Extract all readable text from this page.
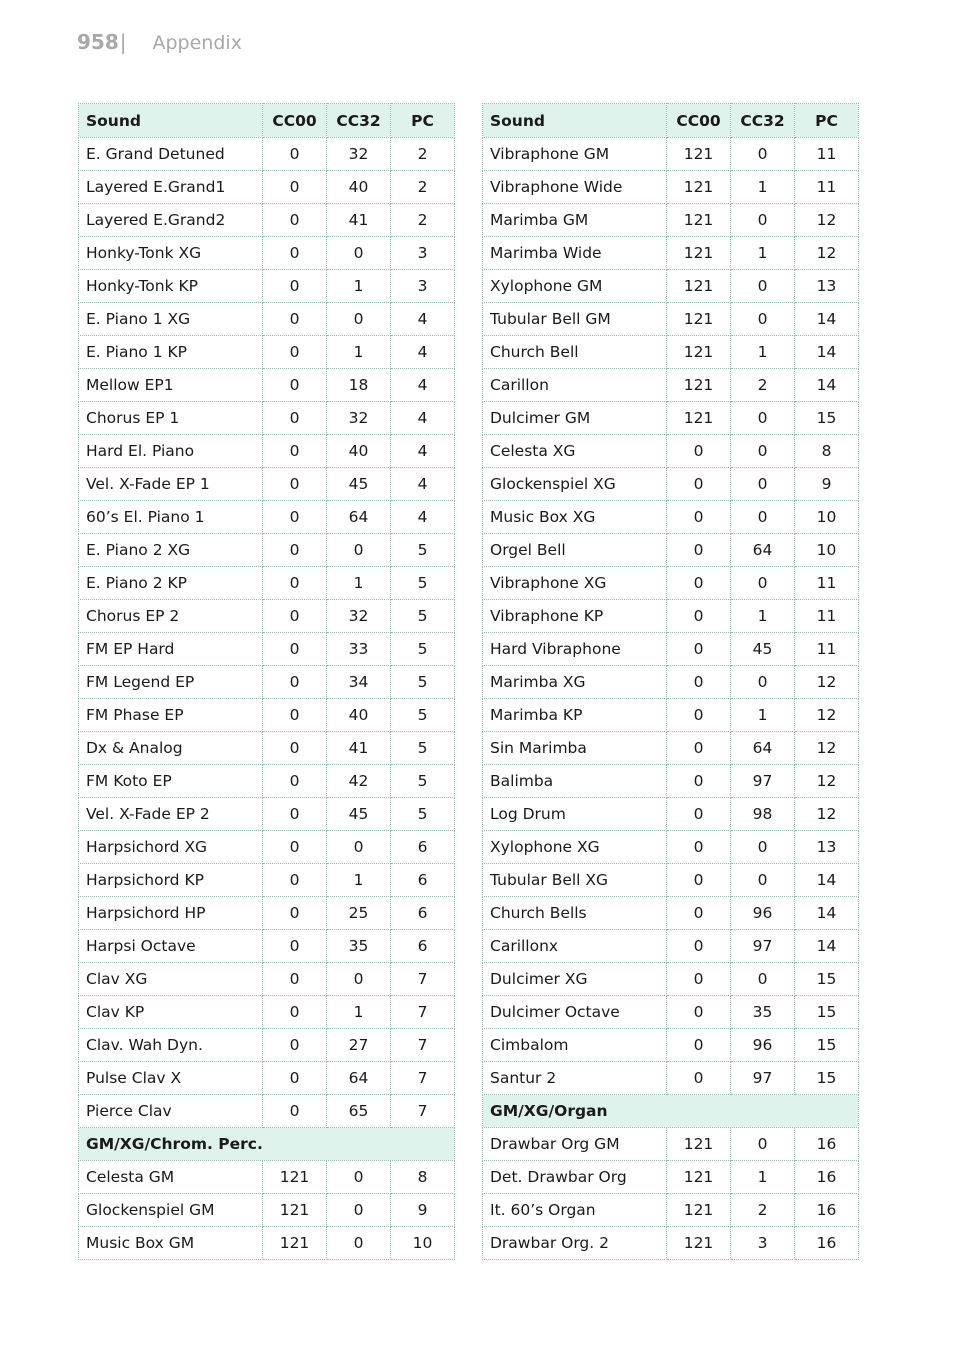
958 | Appendix
Sound	CC00	CC32	PC
E. Grand Detuned	0	32	2
Layered E.Grand1	0	40	2
Layered E.Grand2	0	41	2
Honky-Tonk XG	0	0	3
Honky-Tonk KP	0	1	3
E. Piano 1 XG	0	0	4
E. Piano 1 KP	0	1	4
Mellow EP1	0	18	4
Chorus EP 1	0	32	4
Hard El. Piano	0	40	4
Vel. X-Fade EP 1	0	45	4
60’s El. Piano 1	0	64	4
E. Piano 2 XG	0	0	5
E. Piano 2 KP	0	1	5
Chorus EP 2	0	32	5
FM EP Hard	0	33	5
FM Legend EP	0	34	5
FM Phase EP	0	40	5
Dx & Analog	0	41	5
FM Koto EP	0	42	5
Vel. X-Fade EP 2	0	45	5
Harpsichord XG	0	0	6
Harpsichord KP	0	1	6
Harpsichord HP	0	25	6
Harpsi Octave	0	35	6
Clav XG	0	0	7
Clav KP	0	1	7
Clav. Wah Dyn.	0	27	7
Pulse Clav X	0	64	7
Pierce Clav	0	65	7
GM/XG/Chrom. Perc.			
Celesta GM	121	0	8
Glockenspiel GM	121	0	9
Music Box GM	121	0	10
Sound	CC00	CC32	PC
Vibraphone GM	121	0	11
Vibraphone Wide	121	1	11
Marimba GM	121	0	12
Marimba Wide	121	1	12
Xylophone GM	121	0	13
Tubular Bell GM	121	0	14
Church Bell	121	1	14
Carillon	121	2	14
Dulcimer GM	121	0	15
Celesta XG	0	0	8
Glockenspiel XG	0	0	9
Music Box XG	0	0	10
Orgel Bell	0	64	10
Vibraphone XG	0	0	11
Vibraphone KP	0	1	11
Hard Vibraphone	0	45	11
Marimba XG	0	0	12
Marimba KP	0	1	12
Sin Marimba	0	64	12
Balimba	0	97	12
Log Drum	0	98	12
Xylophone XG	0	0	13
Tubular Bell XG	0	0	14
Church Bells	0	96	14
Carillonx	0	97	14
Dulcimer XG	0	0	15
Dulcimer Octave	0	35	15
Cimbalom	0	96	15
Santur 2	0	97	15
GM/XG/Organ			
Drawbar Org GM	121	0	16
Det. Drawbar Org	121	1	16
It. 60’s Organ	121	2	16
Drawbar Org. 2	121	3	16
